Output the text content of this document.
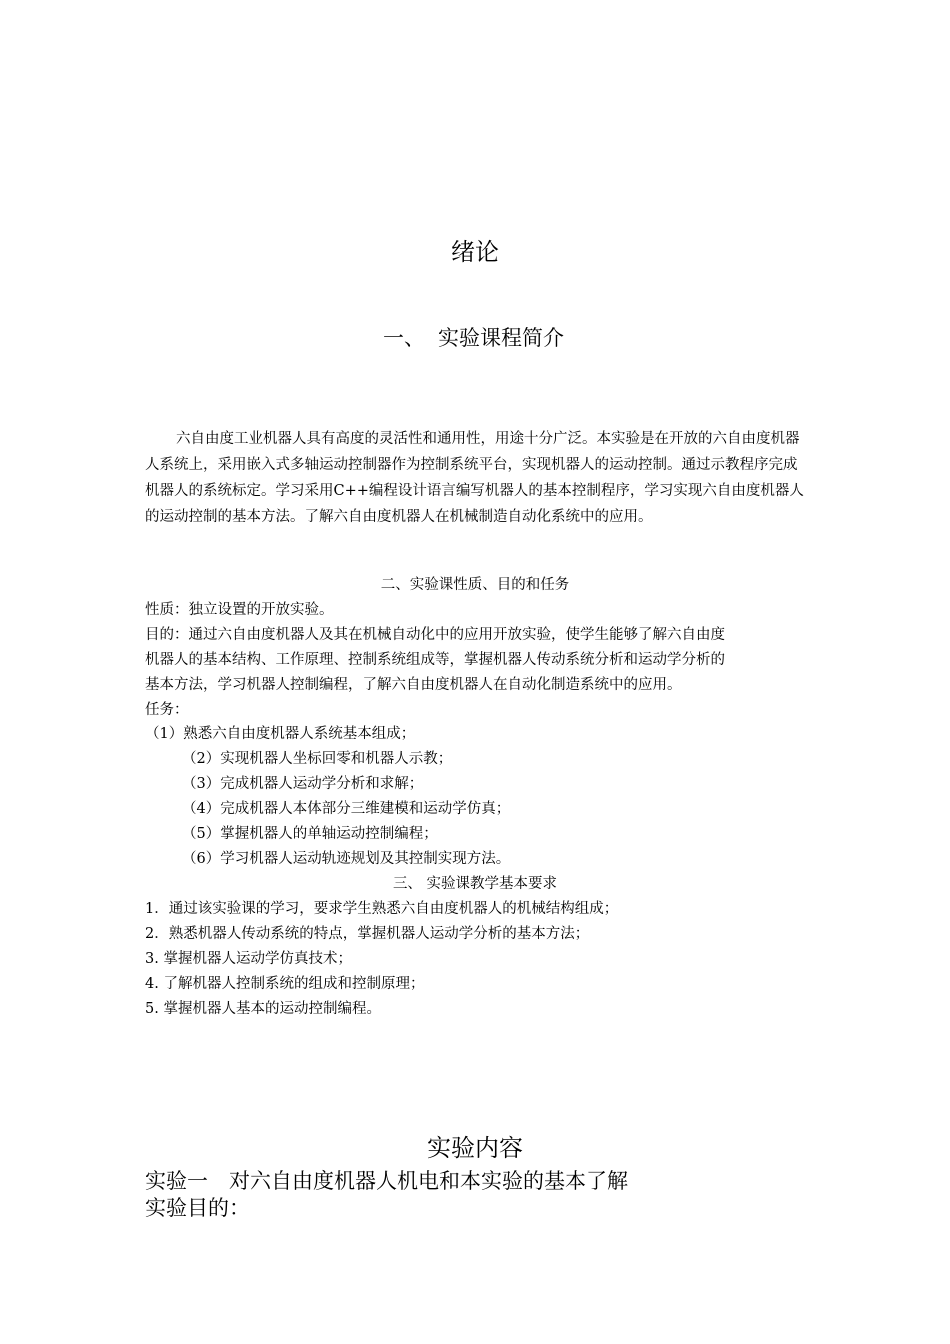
绪论
一、 实验课程简介
六自由度工业机器人具有高度的灵活性和通用性，用途十分广泛。本实验是在开放的六自由度机器人系统上，采用嵌入式多轴运动控制器作为控制系统平台，实现机器人的运动控制。通过示教程序完成机器人的系统标定。学习采用C++编程设计语言编写机器人的基本控制程序，学习实现六自由度机器人的运动控制的基本方法。了解六自由度机器人在机械制造自动化系统中的应用。
二、实验课性质、目的和任务
性质：独立设置的开放实验。
目的：通过六自由度机器人及其在机械自动化中的应用开放实验，使学生能够了解六自由度
机器人的基本结构、工作原理、控制系统组成等，掌握机器人传动系统分析和运动学分析的
基本方法，学习机器人控制编程，了解六自由度机器人在自动化制造系统中的应用。
任务：
（1）熟悉六自由度机器人系统基本组成；
（2）实现机器人坐标回零和机器人示教；
（3）完成机器人运动学分析和求解；
（4）完成机器人本体部分三维建模和运动学仿真；
（5）掌握机器人的单轴运动控制编程；
（6）学习机器人运动轨迹规划及其控制实现方法。
三、 实验课教学基本要求
1．通过该实验课的学习，要求学生熟悉六自由度机器人的机械结构组成；
2．熟悉机器人传动系统的特点，掌握机器人运动学分析的基本方法；
3. 掌握机器人运动学仿真技术；
4. 了解机器人控制系统的组成和控制原理；
5. 掌握机器人基本的运动控制编程。
实验内容
实验一　对六自由度机器人机电和本实验的基本了解
实验目的：
